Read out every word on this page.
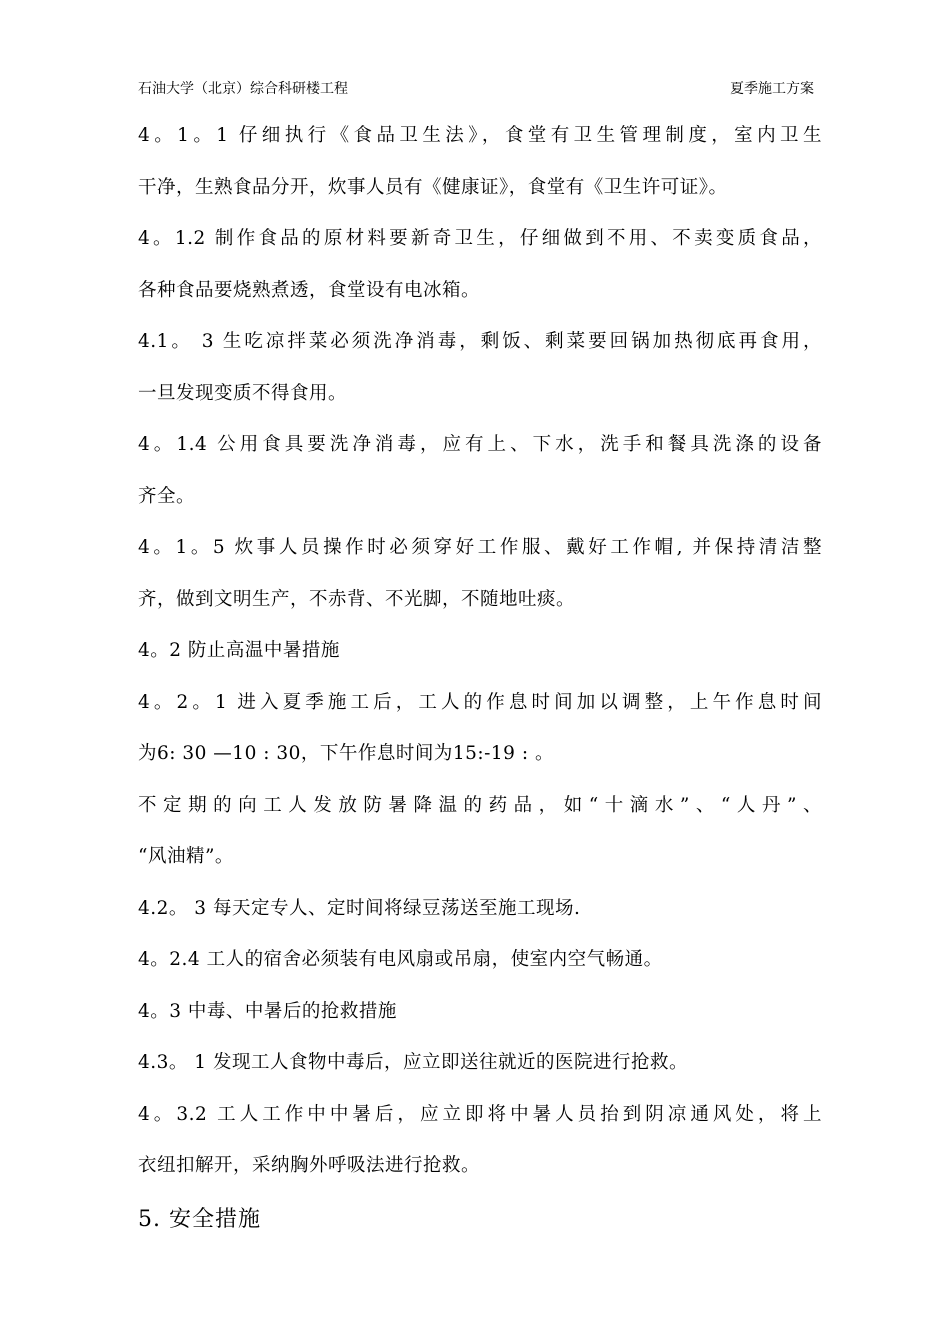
石油大学（北京）综合科研楼工程	夏季施工方案
4。1。1 仔细执行《食品卫生法》，食堂有卫生管理制度，室内卫生
干净，生熟食品分开，炊事人员有《健康证》，食堂有《卫生许可证》。
4。1.2 制作食品的原材料要新奇卫生，仔细做到不用、不卖变质食品，
各种食品要烧熟煮透，食堂设有电冰箱。
4.1。 3 生吃凉拌菜必须洗净消毒，剩饭、剩菜要回锅加热彻底再食用，
一旦发现变质不得食用。
4。1.4 公用食具要洗净消毒，应有上、下水，洗手和餐具洗涤的设备
齐全。
4。1。5 炊事人员操作时必须穿好工作服、戴好工作帽, 并保持清洁整
齐，做到文明生产，不赤背、不光脚，不随地吐痰。
4。2 防止高温中暑措施
4。2。1 进入夏季施工后，工人的作息时间加以调整，上午作息时间
为6: 30 —10 : 30，下午作息时间为15:-19 : 。
不定期的向工人发放防暑降温的药品，如“十滴水”、“人丹”、
“风油精”。
4.2。 3 每天定专人、定时间将绿豆荡送至施工现场.
4。2.4 工人的宿舍必须装有电风扇或吊扇，使室内空气畅通。
4。3 中毒、中暑后的抢救措施
4.3。 1 发现工人食物中毒后，应立即送往就近的医院进行抢救。
4。3.2 工人工作中中暑后，应立即将中暑人员抬到阴凉通风处，将上
衣纽扣解开，采纳胸外呼吸法进行抢救。
5. 安全措施
